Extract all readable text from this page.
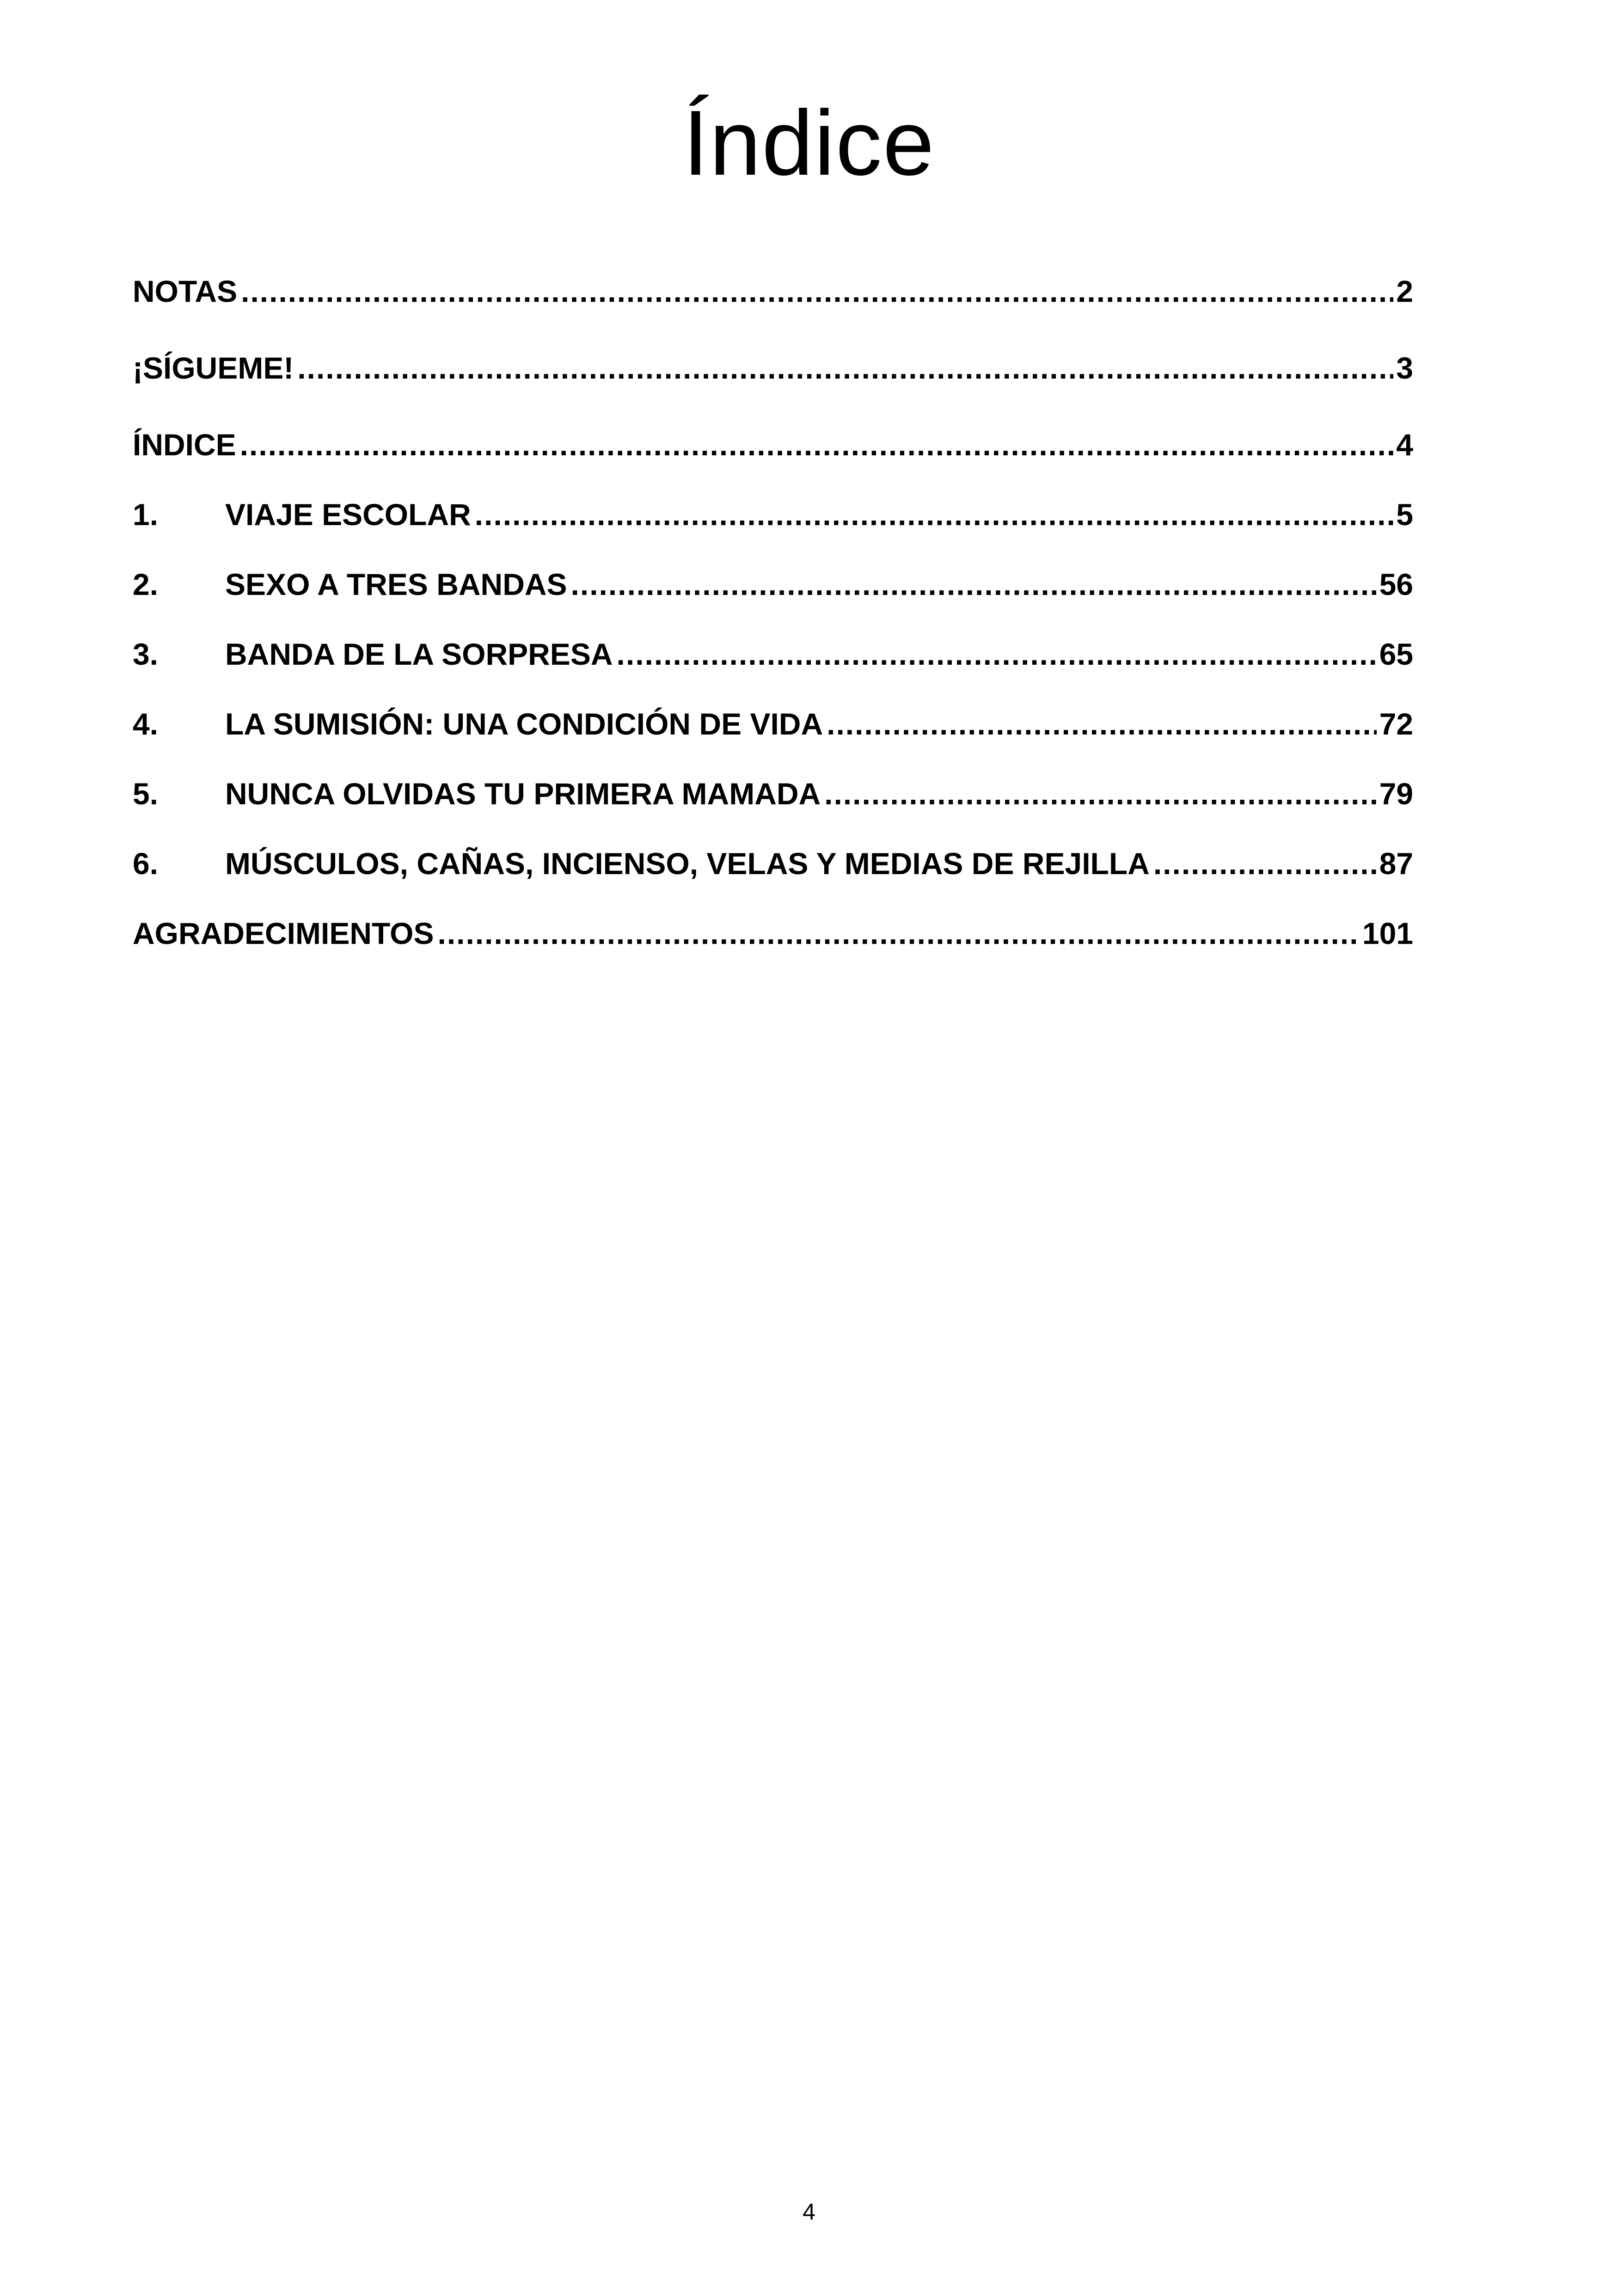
Índice
NOTAS .....	2
¡SÍGUEME! .....	3
ÍNDICE .....	4
1.	VIAJE ESCOLAR .....	5
2.	SEXO A TRES BANDAS .....	56
3.	BANDA DE LA SORPRESA .....	65
4.	LA SUMISIÓN: UNA CONDICIÓN DE VIDA .....	72
5.	NUNCA OLVIDAS TU PRIMERA MAMADA .....	79
6.	MÚSCULOS, CAÑAS, INCIENSO, VELAS Y MEDIAS DE REJILLA .....	87
AGRADECIMIENTOS .....	101
4
